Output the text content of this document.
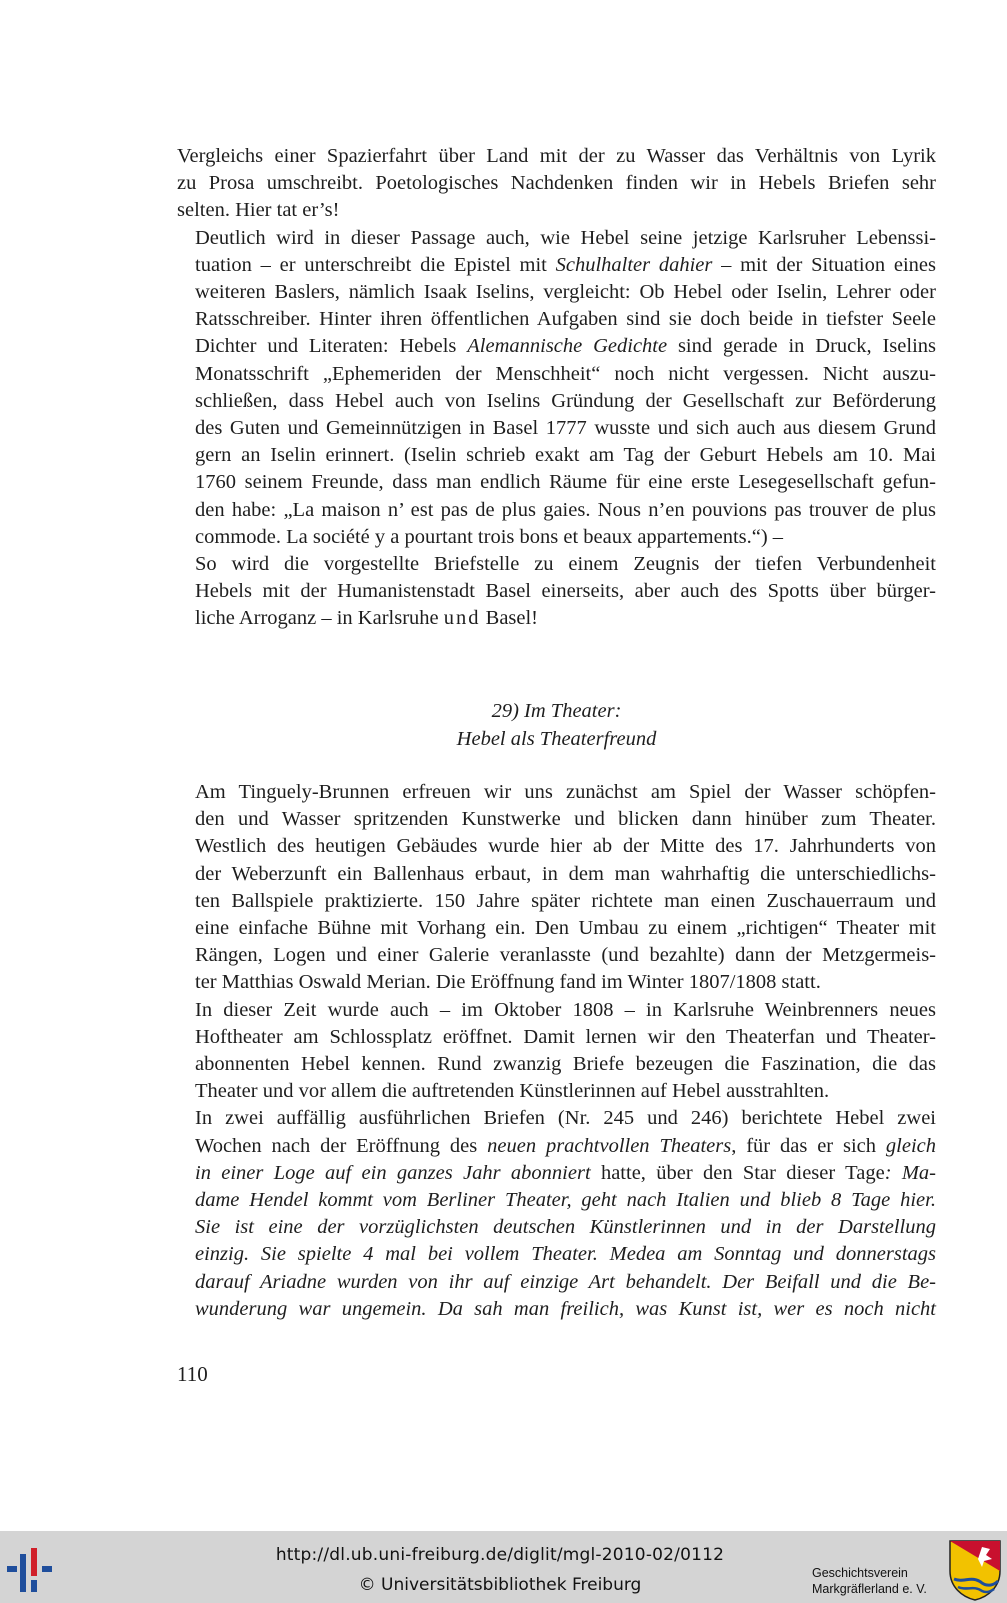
Vergleichs einer Spazierfahrt über Land mit der zu Wasser das Verhältnis von Lyrik
zu Prosa umschreibt. Poetologisches Nachdenken finden wir in Hebels Briefen sehr
selten. Hier tat er’s!

Deutlich wird in dieser Passage auch, wie Hebel seine jetzige Karlsruher Lebenssi-
tuation – er unterschreibt die Epistel mit Schulhalter dahier – mit der Situation eines
weiteren Baslers, nämlich Isaak Iselins, vergleicht: Ob Hebel oder Iselin, Lehrer oder
Ratsschreiber. Hinter ihren öffentlichen Aufgaben sind sie doch beide in tiefster Seele
Dichter und Literaten: Hebels Alemannische Gedichte sind gerade in Druck, Iselins
Monatsschrift „Ephemeriden der Menschheit“ noch nicht vergessen. Nicht auszu-
schließen, dass Hebel auch von Iselins Gründung der Gesellschaft zur Beförderung
des Guten und Gemeinnützigen in Basel 1777 wusste und sich auch aus diesem Grund
gern an Iselin erinnert. (Iselin schrieb exakt am Tag der Geburt Hebels am 10. Mai
1760 seinem Freunde, dass man endlich Räume für eine erste Lesegesellschaft gefun-
den habe: „La maison n’ est pas de plus gaies. Nous n’en pouvions pas trouver de plus
commode. La société y a pourtant trois bons et beaux appartements.“) –

So wird die vorgestellte Briefstelle zu einem Zeugnis der tiefen Verbundenheit
Hebels mit der Humanistenstadt Basel einerseits, aber auch des Spotts über bürger-
liche Arroganz – in Karlsruhe und Basel!

29) Im Theater:
Hebel als Theaterfreund

Am Tinguely-Brunnen erfreuen wir uns zunächst am Spiel der Wasser schöpfen-
den und Wasser spritzenden Kunstwerke und blicken dann hinüber zum Theater.
Westlich des heutigen Gebäudes wurde hier ab der Mitte des 17. Jahrhunderts von
der Weberzunft ein Ballenhaus erbaut, in dem man wahrhaftig die unterschiedlichs-
ten Ballspiele praktizierte. 150 Jahre später richtete man einen Zuschauerraum und
eine einfache Bühne mit Vorhang ein. Den Umbau zu einem „richtigen“ Theater mit
Rängen, Logen und einer Galerie veranlasste (und bezahlte) dann der Metzgermeis-
ter Matthias Oswald Merian. Die Eröffnung fand im Winter 1807/1808 statt.

In dieser Zeit wurde auch – im Oktober 1808 – in Karlsruhe Weinbrenners neues
Hoftheater am Schlossplatz eröffnet. Damit lernen wir den Theaterfan und Theater-
abonnenten Hebel kennen. Rund zwanzig Briefe bezeugen die Faszination, die das
Theater und vor allem die auftretenden Künstlerinnen auf Hebel ausstrahlten.

In zwei auffällig ausführlichen Briefen (Nr. 245 und 246) berichtete Hebel zwei
Wochen nach der Eröffnung des neuen prachtvollen Theaters, für das er sich gleich
in einer Loge auf ein ganzes Jahr abonniert hatte, über den Star dieser Tage: Ma-
dame Hendel kommt vom Berliner Theater, geht nach Italien und blieb 8 Tage hier.
Sie ist eine der vorzüglichsten deutschen Künstlerinnen und in der Darstellung
einzig. Sie spielte 4 mal bei vollem Theater. Medea am Sonntag und donnerstags
darauf Ariadne wurden von ihr auf einzige Art behandelt. Der Beifall und die Be-
wunderung war ungemein. Da sah man freilich, was Kunst ist, wer es noch nicht

110
http://dl.ub.uni-freiburg.de/diglit/mgl-2010-02/0112
© Universitätsbibliothek Freiburg
Geschichtsverein
Markgräflerland e. V.
